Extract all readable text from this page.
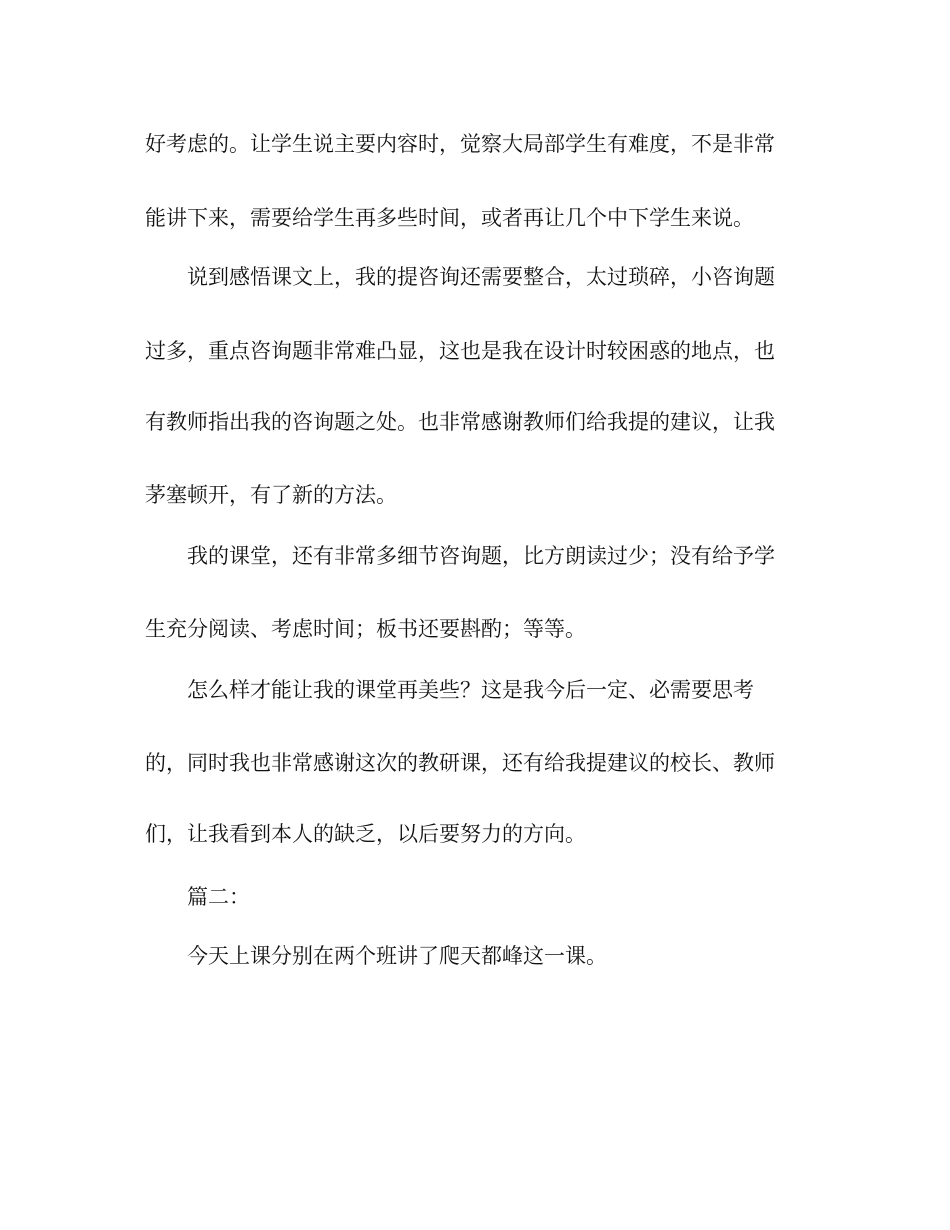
好考虑的。让学生说主要内容时，觉察大局部学生有难度，不是非常
能讲下来，需要给学生再多些时间，或者再让几个中下学生来说。
说到感悟课文上，我的提咨询还需要整合，太过琐碎，小咨询题
过多，重点咨询题非常难凸显，这也是我在设计时较困惑的地点，也
有教师指出我的咨询题之处。也非常感谢教师们给我提的建议，让我
茅塞顿开，有了新的方法。
我的课堂，还有非常多细节咨询题，比方朗读过少；没有给予学
生充分阅读、考虑时间；板书还要斟酌；等等。
怎么样才能让我的课堂再美些？这是我今后一定、必需要思考
的，同时我也非常感谢这次的教研课，还有给我提建议的校长、教师
们，让我看到本人的缺乏，以后要努力的方向。
篇二：
今天上课分别在两个班讲了爬天都峰这一课。
